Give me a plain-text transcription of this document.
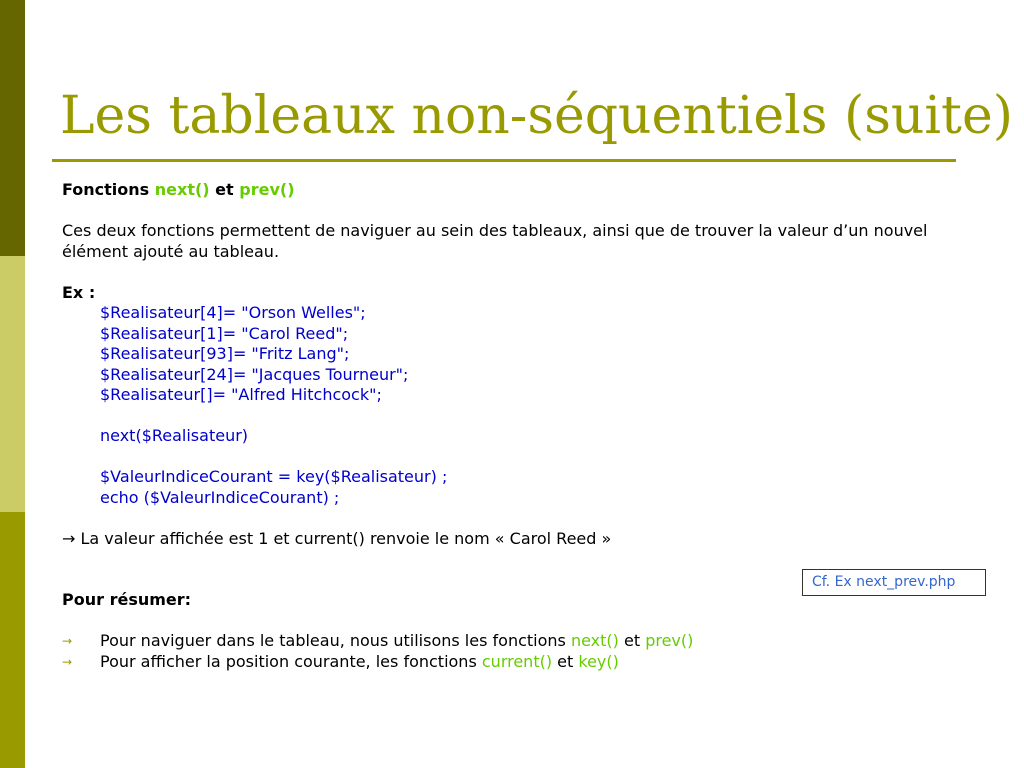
Les tableaux non-séquentiels (suite)
Fonctions next() et prev()
Ces deux fonctions permettent de naviguer au sein des tableaux, ainsi que de trouver la valeur d’un nouvel élément ajouté au tableau.
Ex :
$Realisateur[4]= "Orson Welles";
$Realisateur[1]= "Carol Reed";
$Realisateur[93]= "Fritz Lang";
$Realisateur[24]= "Jacques Tourneur";
$Realisateur[]= "Alfred Hitchcock";
next($Realisateur)
$ValeurIndiceCourant = key($Realisateur) ;
echo ($ValeurIndiceCourant) ;
→ La valeur affichée est 1 et current() renvoie le nom « Carol Reed »
Pour résumer:
→ Pour naviguer dans le tableau, nous utilisons les fonctions next() et prev()
→ Pour afficher la position courante, les fonctions current() et key()
Cf. Ex next_prev.php
